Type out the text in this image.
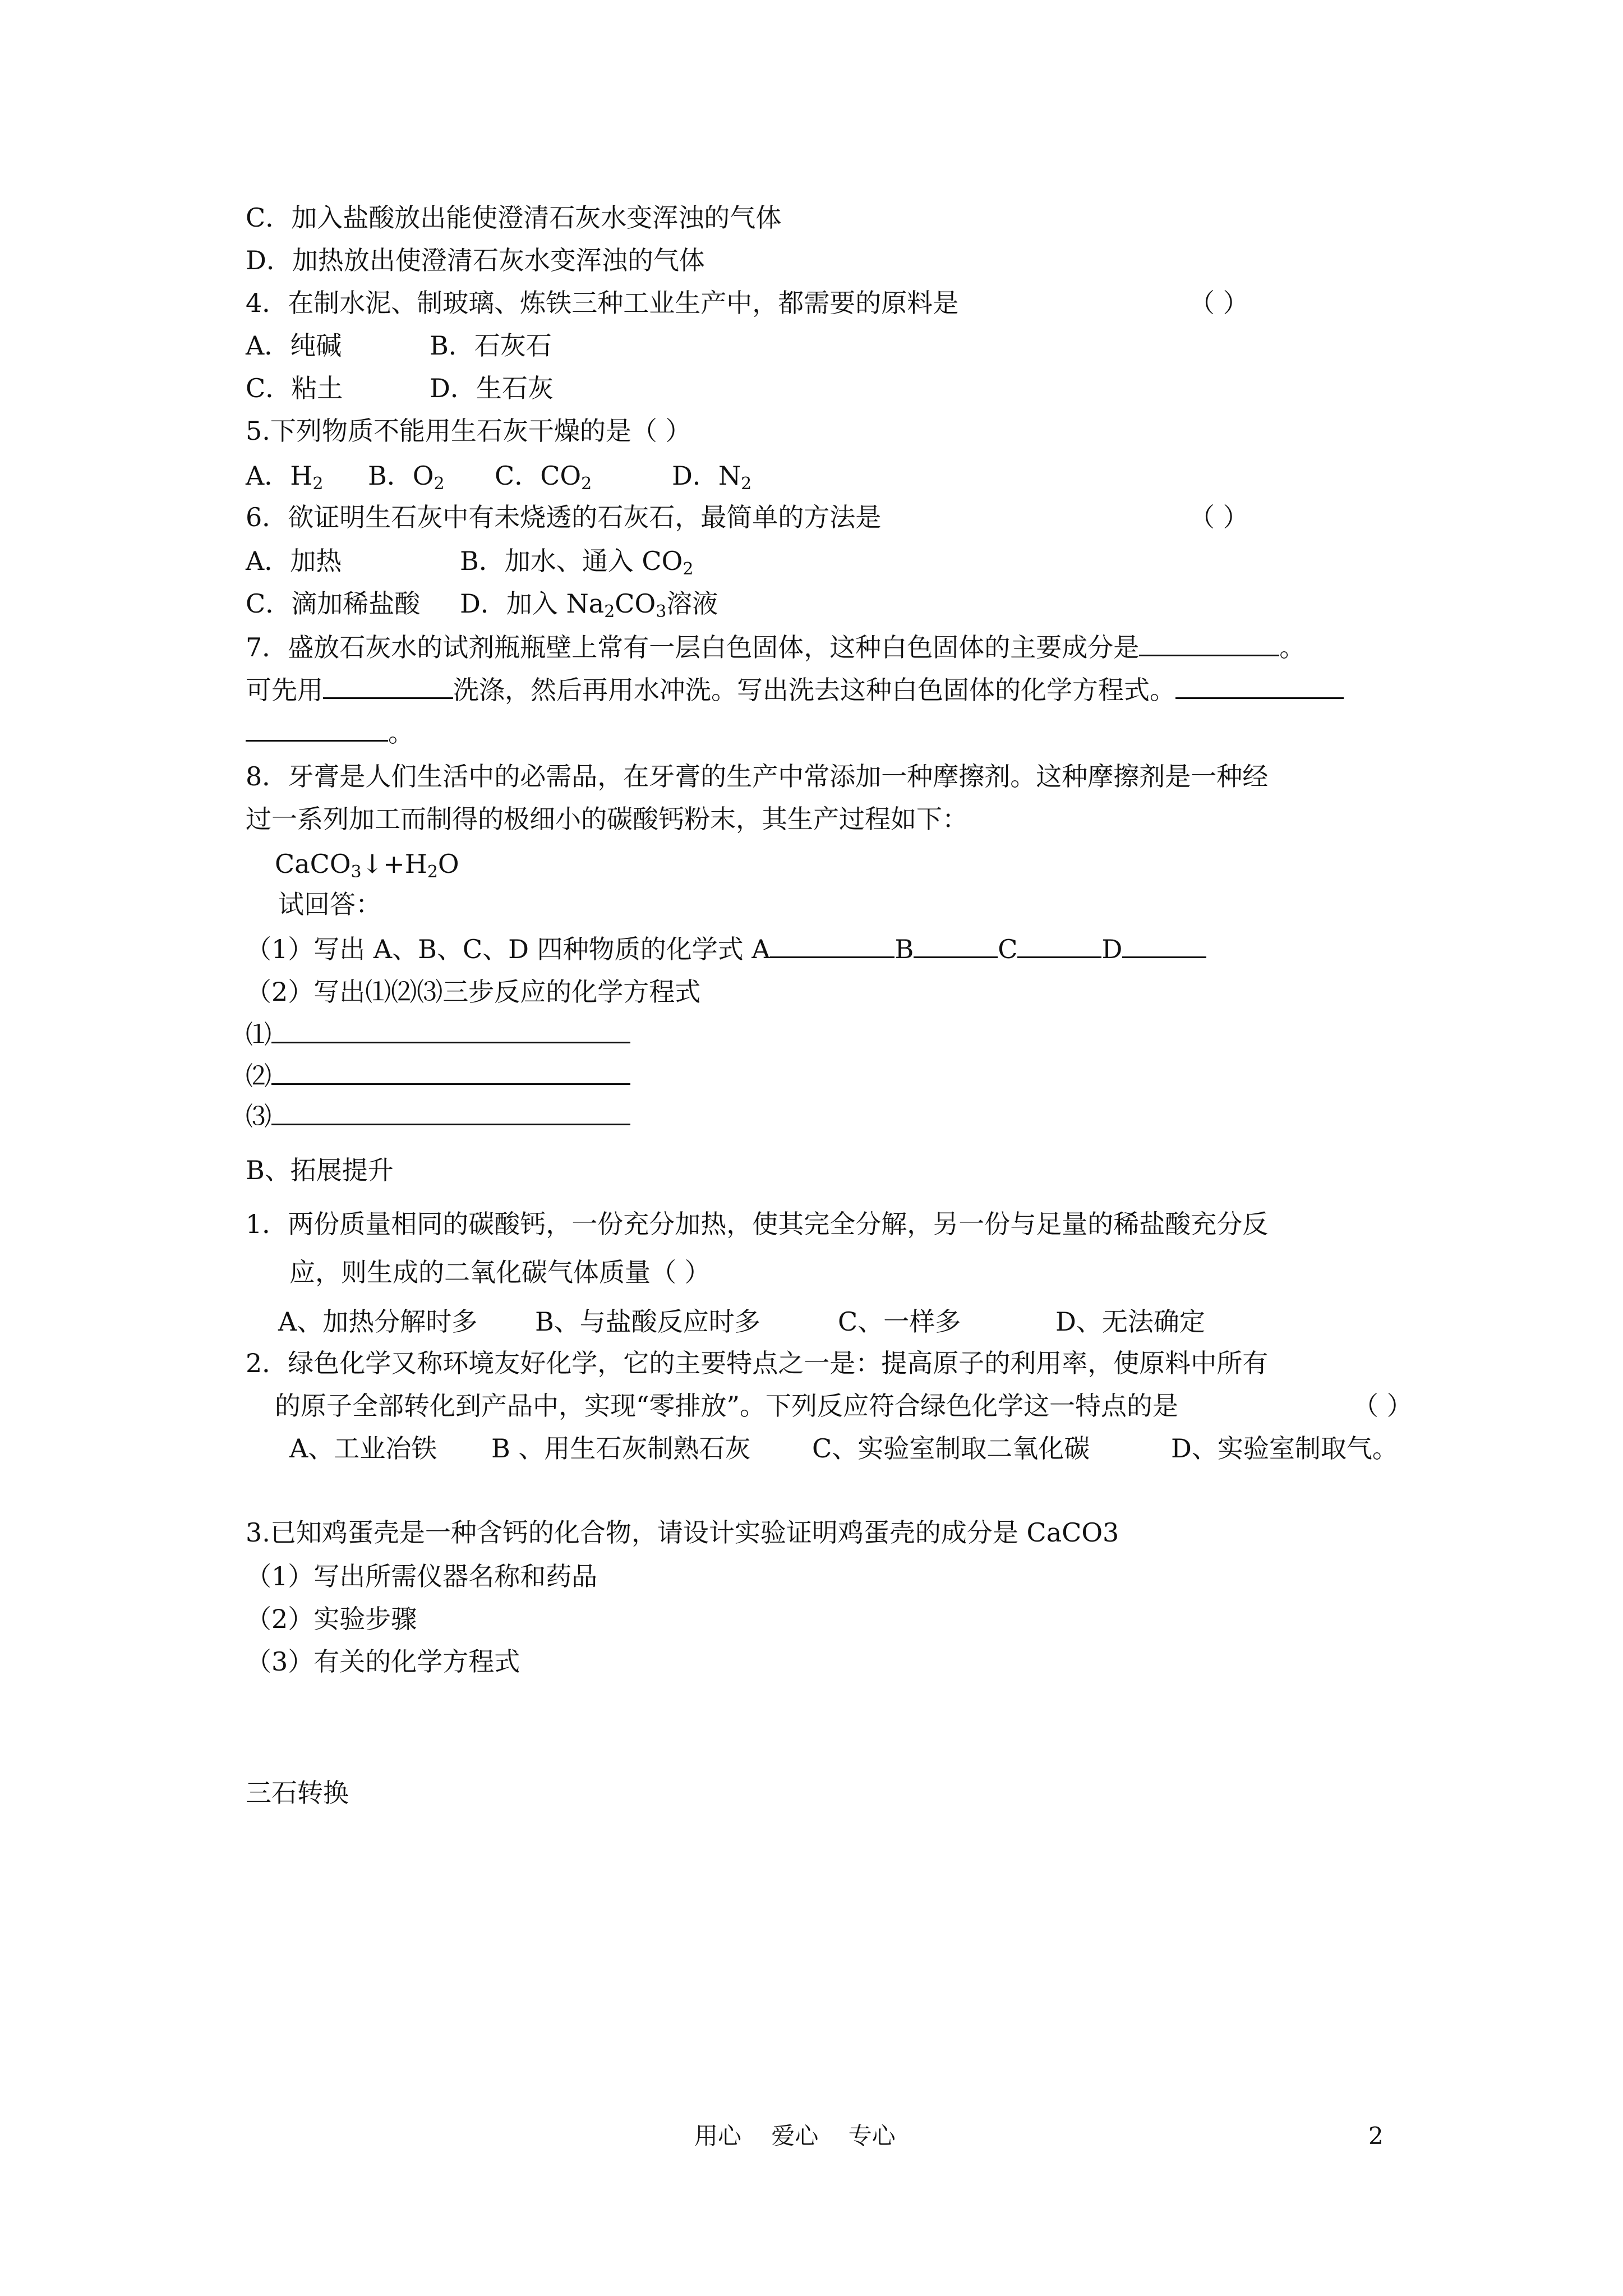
C．加入盐酸放出能使澄清石灰水变浑浊的气体
D．加热放出使澄清石灰水变浑浊的气体
4．在制水泥、制玻璃、炼铁三种工业生产中，都需要的原料是	（ ）
A．纯碱	B．石灰石
C．粘土	D．生石灰
5.下列物质不能用生石灰干燥的是（ ）
A．$H_2$ B．$O_2$ C．$CO_2$	D．$N_2$
6．欲证明生石灰中有未烧透的石灰石，最简单的方法是	（ ）
A．加热	B．加水、通入 $CO_2$
C．滴加稀盐酸 D．加入 $Na_2CO_3$溶液
7．盛放石灰水的试剂瓶瓶壁上常有一层白色固体，这种白色固体的主要成分是	。
可先用	洗涤，然后再用水冲洗。写出洗去这种白色固体的化学方程式。
。
8．牙膏是人们生活中的必需品，在牙膏的生产中常添加一种摩擦剂。这种摩擦剂是一种经
过一系列加工而制得的极细小的碳酸钙粉末，其生产过程如下：
$CaCO_3↓+H_2O$
试回答：
（1）写出 A、B、C、D 四种物质的化学式 A	B	C	D
（2）写出⑴⑵⑶三步反应的化学方程式
⑴
⑵
⑶
B、拓展提升
1．两份质量相同的碳酸钙，一份充分加热，使其完全分解，另一份与足量的稀盐酸充分反
应，则生成的二氧化碳气体质量（ ）
A、加热分解时多 B、与盐酸反应时多	C、一样多	D、无法确定
2．绿色化学又称环境友好化学，它的主要特点之一是：提高原子的利用率，使原料中所有
的原子全部转化到产品中，实现“零排放”。下列反应符合绿色化学这一特点的是	（ ）
A、工业冶铁 B 、用生石灰制熟石灰 C、实验室制取二氧化碳	D、实验室制取气。
3.已知鸡蛋壳是一种含钙的化合物，请设计实验证明鸡蛋壳的成分是 CaCO3
（1）写出所需仪器名称和药品
（2）实验步骤
（3）有关的化学方程式
三石转换
用心    爱心    专心	2
